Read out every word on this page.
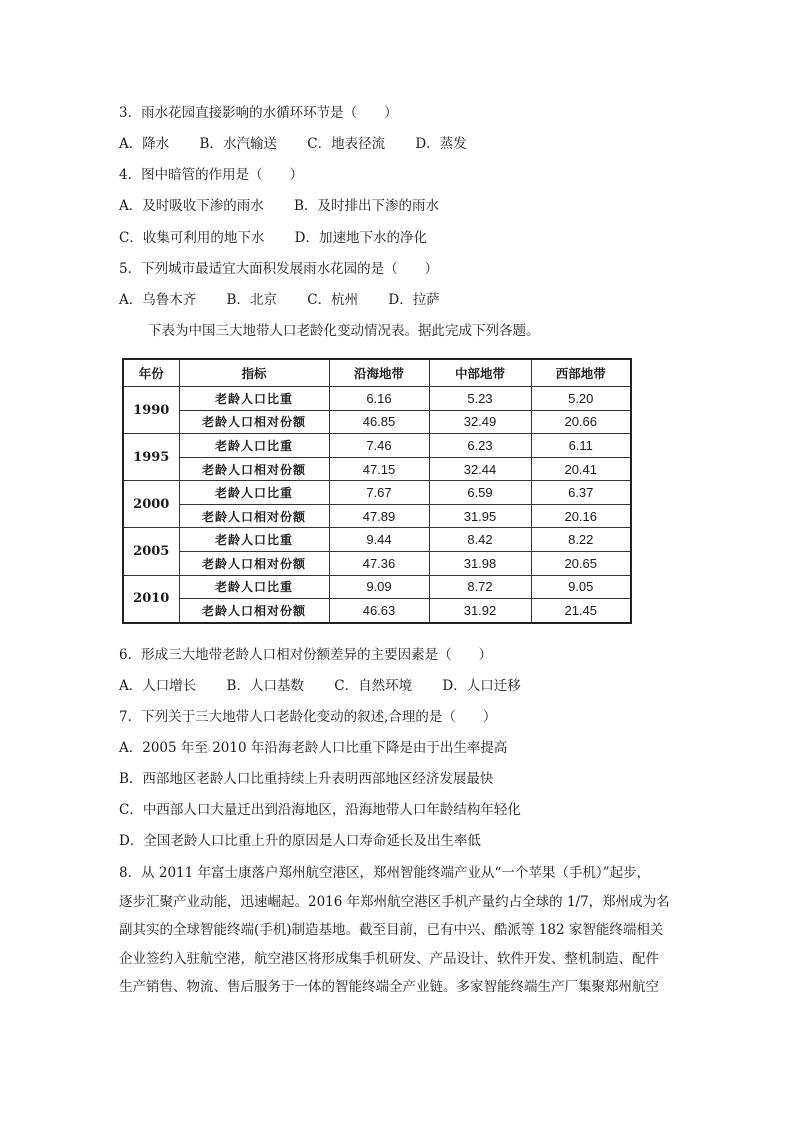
3．雨水花园直接影响的水循环环节是（　　）
A．降水 B．水汽输送 C．地表径流 D．蒸发
4．图中暗管的作用是（　　）
A．及时吸收下渗的雨水 B．及时排出下渗的雨水
C．收集可利用的地下水 D．加速地下水的净化
5．下列城市最适宜大面积发展雨水花园的是（　　）
A．乌鲁木齐 B．北京 C．杭州 D．拉萨
下表为中国三大地带人口老龄化变动情况表。据此完成下列各题。
年份	指标	沿海地带	中部地带	西部地带
1990	老龄人口比重	6.16	5.23	5.20
	老龄人口相对份额	46.85	32.49	20.66
1995	老龄人口比重	7.46	6.23	6.11
	老龄人口相对份额	47.15	32.44	20.41
2000	老龄人口比重	7.67	6.59	6.37
	老龄人口相对份额	47.89	31.95	20.16
2005	老龄人口比重	9.44	8.42	8.22
	老龄人口相对份额	47.36	31.98	20.65
2010	老龄人口比重	9.09	8.72	9.05
	老龄人口相对份额	46.63	31.92	21.45
6．形成三大地带老龄人口相对份额差异的主要因素是（　　）
A．人口增长 B．人口基数 C．自然环境 D．人口迁移
7．下列关于三大地带人口老龄化变动的叙述,合理的是（　　）
A．2005 年至 2010 年沿海老龄人口比重下降是由于出生率提高
B．西部地区老龄人口比重持续上升表明西部地区经济发展最快
C．中西部人口大量迁出到沿海地区，沿海地带人口年龄结构年轻化
D．全国老龄人口比重上升的原因是人口寿命延长及出生率低
8．从 2011 年富士康落户郑州航空港区，郑州智能终端产业从“一个苹果（手机）”起步，
逐步汇聚产业动能，迅速崛起。2016 年郑州航空港区手机产量约占全球的 1/7，郑州成为名
副其实的全球智能终端(手机)制造基地。截至目前，已有中兴、酷派等 182 家智能终端相关
企业签约入驻航空港，航空港区将形成集手机研发、产品设计、软件开发、整机制造、配件
生产销售、物流、售后服务于一体的智能终端全产业链。多家智能终端生产厂集聚郑州航空
